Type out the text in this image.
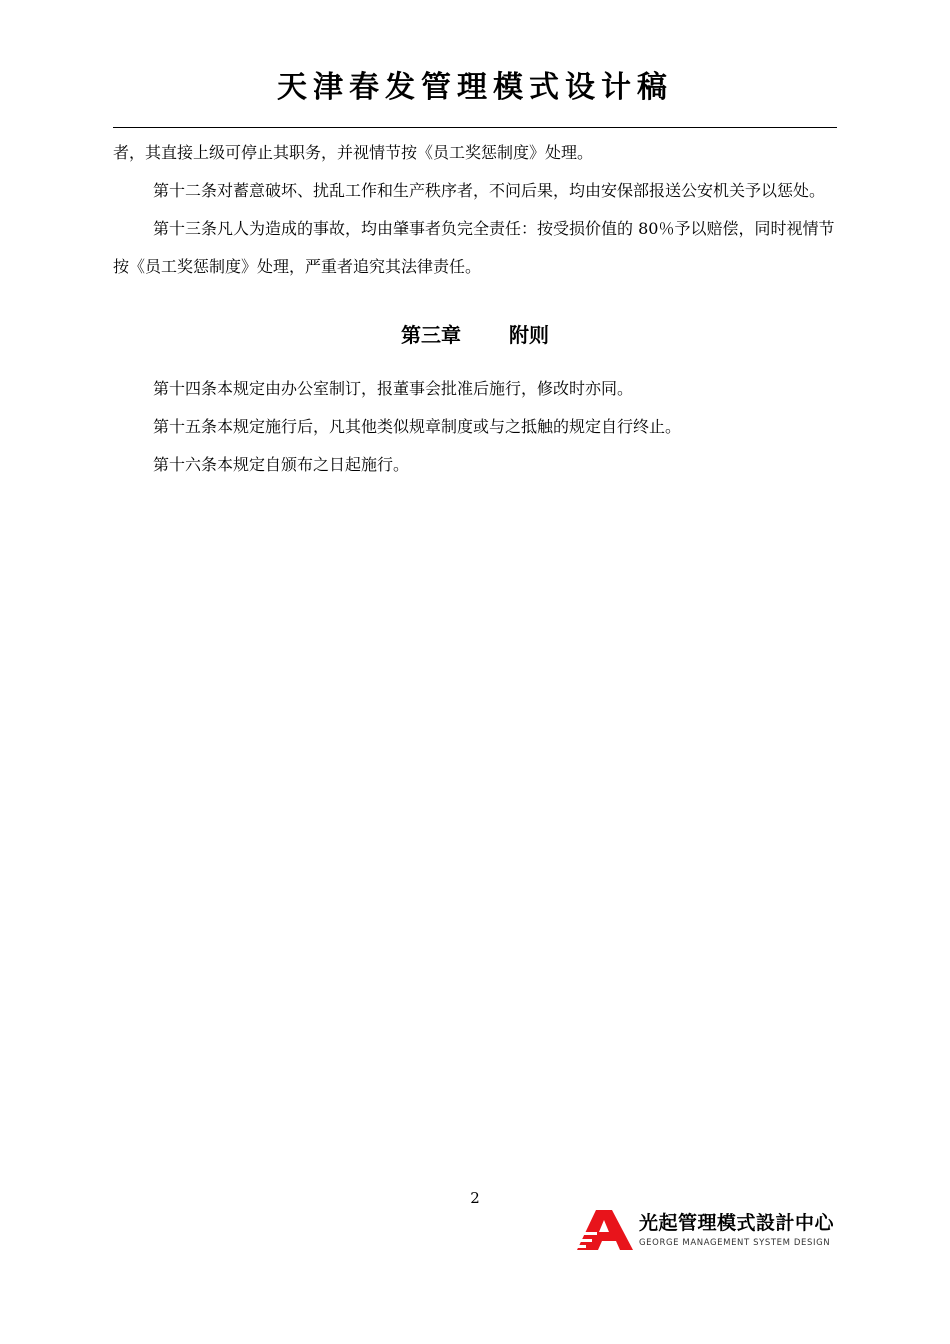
天津春发管理模式设计稿

者，其直接上级可停止其职务，并视情节按《员工奖惩制度》处理。

第十二条对蓄意破坏、扰乱工作和生产秩序者，不问后果，均由安保部报送公安机关予以惩处。

第十三条凡人为造成的事故，均由肇事者负完全责任：按受损价值的 80％予以赔偿，同时视情节按《员工奖惩制度》处理，严重者追究其法律责任。

第三章 附则

第十四条本规定由办公室制订，报董事会批准后施行，修改时亦同。

第十五条本规定施行后，凡其他类似规章制度或与之抵触的规定自行终止。

第十六条本规定自颁布之日起施行。

2
光起管理模式設計中心
GEORGE MANAGEMENT SYSTEM DESIGN
